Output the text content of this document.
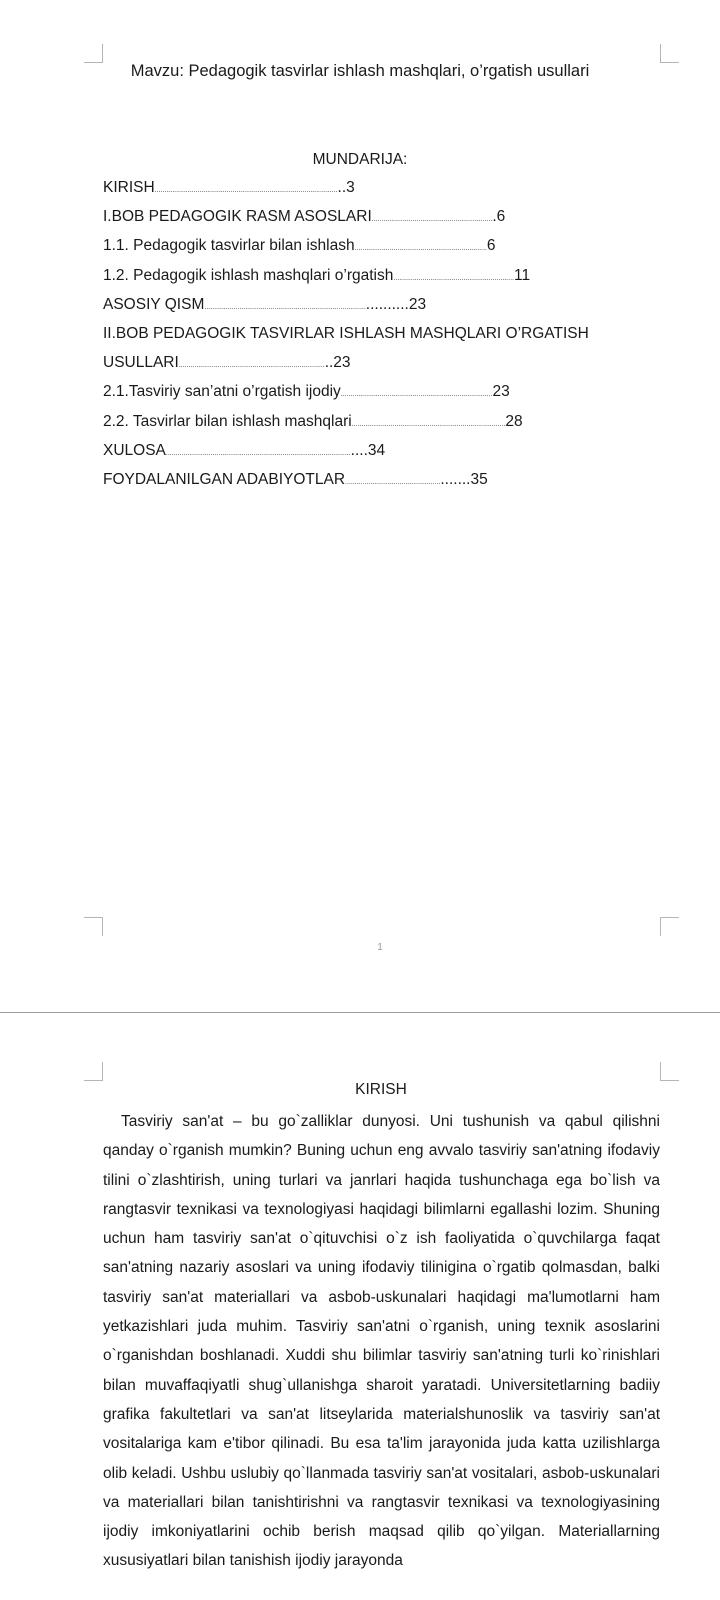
Mavzu: Pedagogik tasvirlar ishlash mashqlari, o’rgatish usullari
MUNDARIJA:
KIRISH................................................................................................3
I.BOB PEDAGOGIK RASM ASOSLARI...............................................................6
1.1. Pedagogik tasvirlar bilan ishlash....................................................................6
1.2. Pedagogik ishlash mashqlari o’rgatish..............................................................11
ASOSIY QISM.............................................................................................23
II.BOB PEDAGOGIK TASVIRLAR ISHLASH MASHQLARI O’RGATISH
USULLARI.............................................................................23
2.1.Tasviriy san’atni o’rgatish ijodiy..............................................................................23
2.2. Tasvirlar bilan ishlash mashqlari...............................................................................28
XULOSA...................................................................................................34
FOYDALANILGAN ADABIYOTLAR........................................................35
1
KIRISH

Tasviriy san'at – bu go`zalliklar dunyosi. Uni tushunish va qabul qilishni qanday o`rganish mumkin? Buning uchun eng avvalo tasviriy san'atning ifodaviy tilini o`zlashtirish, uning turlari va janrlari haqida tushunchaga ega bo`lish va rangtasvir texnikasi va texnologiyasi haqidagi bilimlarni egallashi lozim. Shuning uchun ham tasviriy san'at o`qituvchisi o`z ish faoliyatida o`quvchilarga faqat san'atning nazariy asoslari va uning ifodaviy tilinigina o`rgatib qolmasdan, balki tasviriy san'at materiallari va asbob-uskunalari haqidagi ma'lumotlarni ham yetkazishlari juda muhim. Tasviriy san'atni o`rganish, uning texnik asoslarini o`rganishdan boshlanadi. Xuddi shu bilimlar tasviriy san'atning turli ko`rinishlari bilan muvaffaqiyatli shug`ullanishga sharoit yaratadi. Universitetlarning badiiy grafika fakultetlari va san'at litseylarida materialshunoslik va tasviriy san'at vositalariga kam e'tibor qilinadi. Bu esa ta'lim jarayonida juda katta uzilishlarga olib keladi. Ushbu uslubiy qo`llanmada tasviriy san'at vositalari, asbob-uskunalari va materiallari bilan tanishtirishni va rangtasvir texnikasi va texnologiyasining ijodiy imkoniyatlarini ochib berish maqsad qilib qo`yilgan. Materiallarning xususiyatlari bilan tanishish ijodiy jarayonda
